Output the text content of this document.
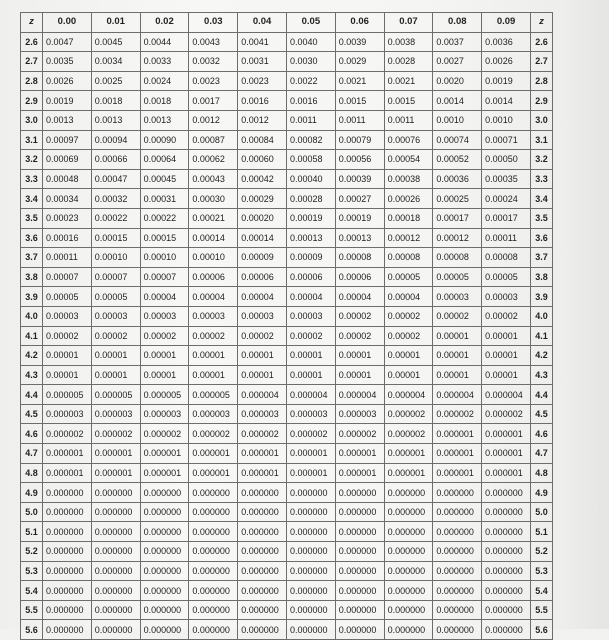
z	0.00	0.01	0.02	0.03	0.04	0.05	0.06	0.07	0.08	0.09	z
2.6	0.0047	0.0045	0.0044	0.0043	0.0041	0.0040	0.0039	0.0038	0.0037	0.0036	2.6
2.7	0.0035	0.0034	0.0033	0.0032	0.0031	0.0030	0.0029	0.0028	0.0027	0.0026	2.7
2.8	0.0026	0.0025	0.0024	0.0023	0.0023	0.0022	0.0021	0.0021	0.0020	0.0019	2.8
2.9	0.0019	0.0018	0.0018	0.0017	0.0016	0.0016	0.0015	0.0015	0.0014	0.0014	2.9
3.0	0.0013	0.0013	0.0013	0.0012	0.0012	0.0011	0.0011	0.0011	0.0010	0.0010	3.0
3.1	0.00097	0.00094	0.00090	0.00087	0.00084	0.00082	0.00079	0.00076	0.00074	0.00071	3.1
3.2	0.00069	0.00066	0.00064	0.00062	0.00060	0.00058	0.00056	0.00054	0.00052	0.00050	3.2
3.3	0.00048	0.00047	0.00045	0.00043	0.00042	0.00040	0.00039	0.00038	0.00036	0.00035	3.3
3.4	0.00034	0.00032	0.00031	0.00030	0.00029	0.00028	0.00027	0.00026	0.00025	0.00024	3.4
3.5	0.00023	0.00022	0.00022	0.00021	0.00020	0.00019	0.00019	0.00018	0.00017	0.00017	3.5
3.6	0.00016	0.00015	0.00015	0.00014	0.00014	0.00013	0.00013	0.00012	0.00012	0.00011	3.6
3.7	0.00011	0.00010	0.00010	0.00010	0.00009	0.00009	0.00008	0.00008	0.00008	0.00008	3.7
3.8	0.00007	0.00007	0.00007	0.00006	0.00006	0.00006	0.00006	0.00005	0.00005	0.00005	3.8
3.9	0.00005	0.00005	0.00004	0.00004	0.00004	0.00004	0.00004	0.00004	0.00003	0.00003	3.9
4.0	0.00003	0.00003	0.00003	0.00003	0.00003	0.00003	0.00002	0.00002	0.00002	0.00002	4.0
4.1	0.00002	0.00002	0.00002	0.00002	0.00002	0.00002	0.00002	0.00002	0.00001	0.00001	4.1
4.2	0.00001	0.00001	0.00001	0.00001	0.00001	0.00001	0.00001	0.00001	0.00001	0.00001	4.2
4.3	0.00001	0.00001	0.00001	0.00001	0.00001	0.00001	0.00001	0.00001	0.00001	0.00001	4.3
4.4	0.000005	0.000005	0.000005	0.000005	0.000004	0.000004	0.000004	0.000004	0.000004	0.000004	4.4
4.5	0.000003	0.000003	0.000003	0.000003	0.000003	0.000003	0.000003	0.000002	0.000002	0.000002	4.5
4.6	0.000002	0.000002	0.000002	0.000002	0.000002	0.000002	0.000002	0.000002	0.000001	0.000001	4.6
4.7	0.000001	0.000001	0.000001	0.000001	0.000001	0.000001	0.000001	0.000001	0.000001	0.000001	4.7
4.8	0.000001	0.000001	0.000001	0.000001	0.000001	0.000001	0.000001	0.000001	0.000001	0.000001	4.8
4.9	0.000000	0.000000	0.000000	0.000000	0.000000	0.000000	0.000000	0.000000	0.000000	0.000000	4.9
5.0	0.000000	0.000000	0.000000	0.000000	0.000000	0.000000	0.000000	0.000000	0.000000	0.000000	5.0
5.1	0.000000	0.000000	0.000000	0.000000	0.000000	0.000000	0.000000	0.000000	0.000000	0.000000	5.1
5.2	0.000000	0.000000	0.000000	0.000000	0.000000	0.000000	0.000000	0.000000	0.000000	0.000000	5.2
5.3	0.000000	0.000000	0.000000	0.000000	0.000000	0.000000	0.000000	0.000000	0.000000	0.000000	5.3
5.4	0.000000	0.000000	0.000000	0.000000	0.000000	0.000000	0.000000	0.000000	0.000000	0.000000	5.4
5.5	0.000000	0.000000	0.000000	0.000000	0.000000	0.000000	0.000000	0.000000	0.000000	0.000000	5.5
5.6	0.000000	0.000000	0.000000	0.000000	0.000000	0.000000	0.000000	0.000000	0.000000	0.000000	5.6
